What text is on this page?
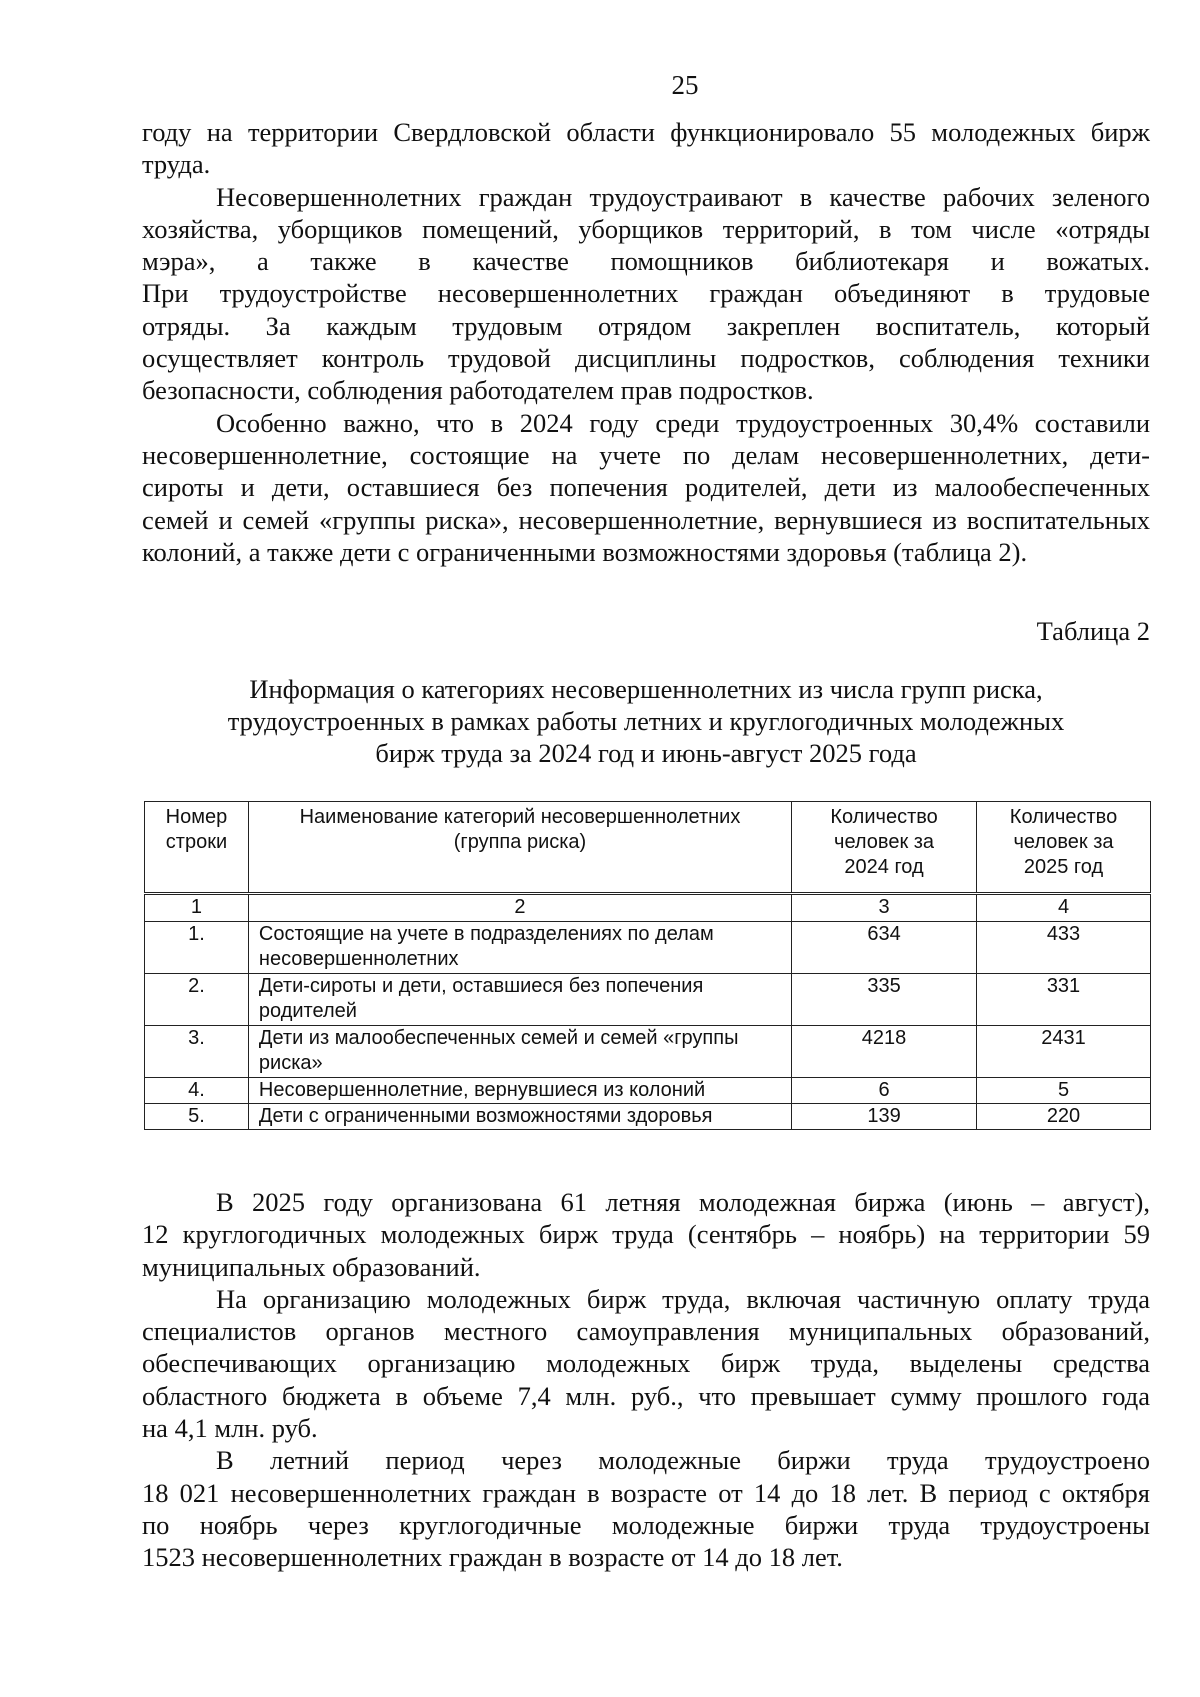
25
году на территории Свердловской области функционировало 55 молодежных бирж
труда.
Несовершеннолетних граждан трудоустраивают в качестве рабочих зеленого
хозяйства, уборщиков помещений, уборщиков территорий, в том числе «отряды
мэра», а также в качестве помощников библиотекаря и вожатых.
При трудоустройстве несовершеннолетних граждан объединяют в трудовые
отряды. За каждым трудовым отрядом закреплен воспитатель, который
осуществляет контроль трудовой дисциплины подростков, соблюдения техники
безопасности, соблюдения работодателем прав подростков.
Особенно важно, что в 2024 году среди трудоустроенных 30,4% составили
несовершеннолетние, состоящие на учете по делам несовершеннолетних, дети-
сироты и дети, оставшиеся без попечения родителей, дети из малообеспеченных
семей и семей «группы риска», несовершеннолетние, вернувшиеся из воспитательных
колоний, а также дети с ограниченными возможностями здоровья (таблица 2).
Таблица 2
Информация о категориях несовершеннолетних из числа групп риска,
трудоустроенных в рамках работы летних и круглогодичных молодежных
бирж труда за 2024 год и июнь-август 2025 года
Номер строки	Наименование категорий несовершеннолетних (группа риска)	Количество человек за 2024 год	Количество человек за 2025 год
1	2	3	4
1.	Состоящие на учете в подразделениях по делам несовершеннолетних	634	433
2.	Дети-сироты и дети, оставшиеся без попечения родителей	335	331
3.	Дети из малообеспеченных семей и семей «группы риска»	4218	2431
4.	Несовершеннолетние, вернувшиеся из колоний	6	5
5.	Дети с ограниченными возможностями здоровья	139	220
В 2025 году организована 61 летняя молодежная биржа (июнь – август),
12 круглогодичных молодежных бирж труда (сентябрь – ноябрь) на территории 59
муниципальных образований.
На организацию молодежных бирж труда, включая частичную оплату труда
специалистов органов местного самоуправления муниципальных образований,
обеспечивающих организацию молодежных бирж труда, выделены средства
областного бюджета в объеме 7,4 млн. руб., что превышает сумму прошлого года
на 4,1 млн. руб.
В летний период через молодежные биржи труда трудоустроено
18 021 несовершеннолетних граждан в возрасте от 14 до 18 лет. В период с октября
по ноябрь через круглогодичные молодежные биржи труда трудоустроены
1523 несовершеннолетних граждан в возрасте от 14 до 18 лет.
